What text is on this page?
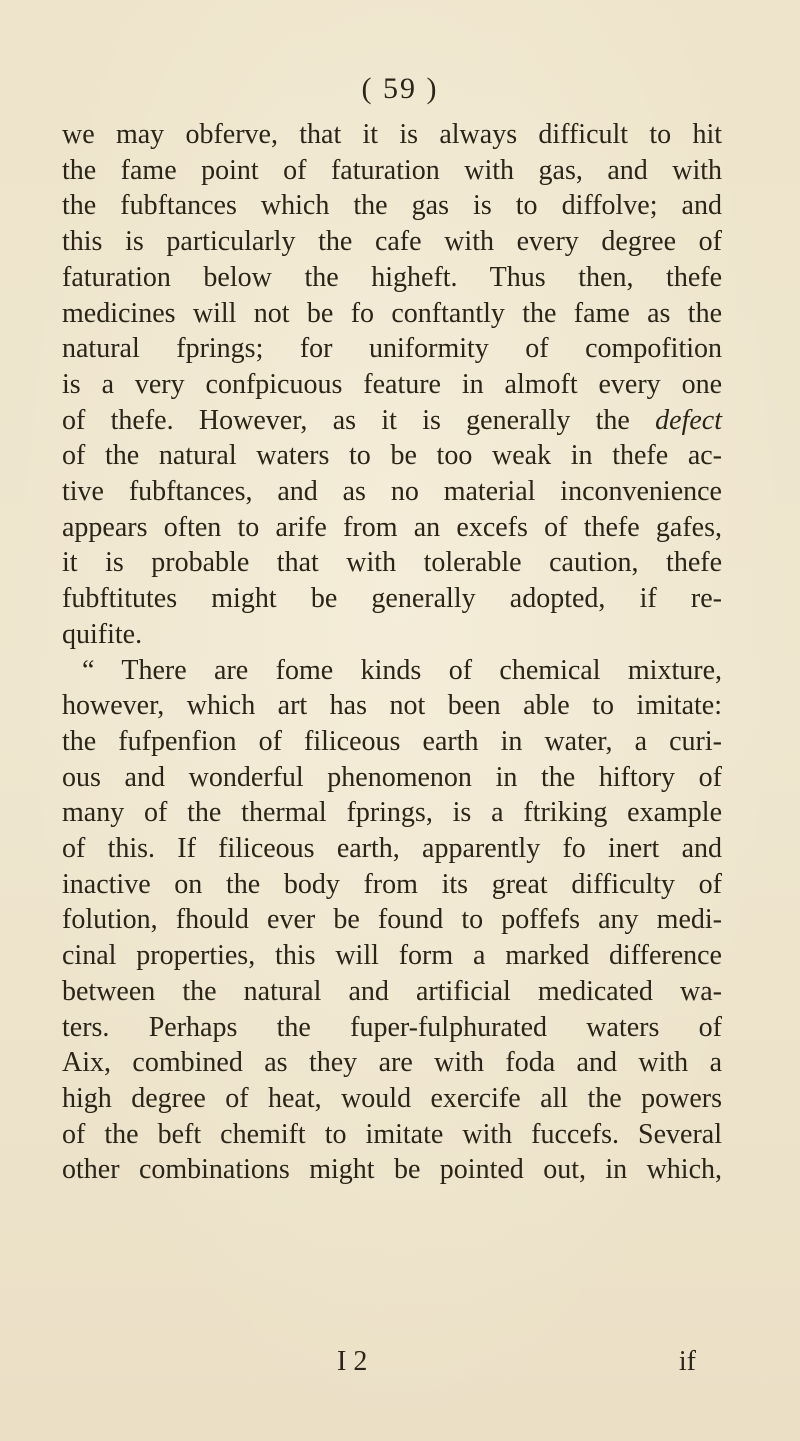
( 59 )
we may obferve, that it is always difficult to hit
the fame point of faturation with gas, and with
the fubftances which the gas is to diffolve; and
this is particularly the cafe with every degree of
faturation below the higheft. Thus then, thefe
medicines will not be fo conftantly the fame as the
natural fprings; for uniformity of compofition
is a very confpicuous feature in almoft every one
of thefe. However, as it is generally the defect
of the natural waters to be too weak in thefe ac-
tive fubftances, and as no material inconvenience
appears often to arife from an excefs of thefe gafes,
it is probable that with tolerable caution, thefe
fubftitutes might be generally adopted, if re-
quifite.
“ There are fome kinds of chemical mixture,
however, which art has not been able to imitate:
the fufpenfion of filiceous earth in water, a curi-
ous and wonderful phenomenon in the hiftory of
many of the thermal fprings, is a ftriking example
of this. If filiceous earth, apparently fo inert and
inactive on the body from its great difficulty of
folution, fhould ever be found to poffefs any medi-
cinal properties, this will form a marked difference
between the natural and artificial medicated wa-
ters. Perhaps the fuper-fulphurated waters of
Aix, combined as they are with foda and with a
high degree of heat, would exercife all the powers
of the beft chemift to imitate with fuccefs. Several
other combinations might be pointed out, in which,
I 2	if
